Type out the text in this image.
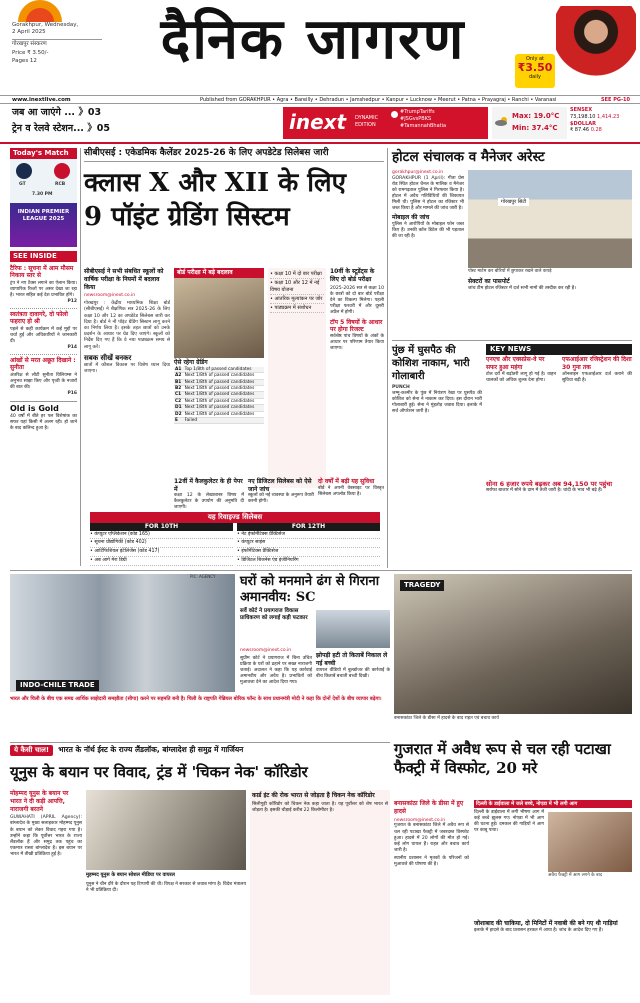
Gorakhpur, Wednesday,
2 April 2025
गोरखपुर संस्करण
Price ₹ 3.50/-
Pages 12	दैनिक जागरण	Only at
₹3.50
daily
www.inextlive.com	Published from GORAKHPUR • Agra • Bareilly • Dehradun • Jamshedpur • Kanpur • Lucknow • Meerut • Patna • Prayagraj • Ranchi • Varanasi	SEE PG-10
जब आ जाएंगे ... 》03
ट्रेन व रेलवे स्टेशन... 》05	inext DYNAMIC EDITION
#TrumpTariffs
#JSGvsPBKS
#TamannahBhatia
Max: 19.0°C
Min: 37.4°C
SENSEX
73,198.10 1,414.23
$DOLLAR
₹ 87.46 0.28
Today's Match
GT	RCB
7.30 PM
INDIAN PREMIER LEAGUE 2025
SEE INSIDE
टैरिफ : सूचना में आम मौसम निकाय स्तर से
ट्रंप ने नए टैक्स लगाने का ऐलान किया। व्यापारिक रिश्तों पर असर देखा जा रहा है। भारत सहित कई देश प्रभावित होंगे।
P12
स्वतंत्रता दावागरे, दो फोलो फहराए हो श्री
पहले से कही कार्यक्रम में कई मुद्दों पर चर्चा हुई और अधिकारियों ने जानकारी दी।
P14
आंखों से मरत अछूत दिखाने : सुनीता
अंतरिक्ष से लौटी सुनीता विलियम्स ने अनुभव साझा किए और पृथ्वी के नजारों की बात की।
P16
Old is Gold
40 वर्षों में बीते हर पल विशेषांक का सफर यहां किसी में अलग रही। हो जाने के बाद कलिन्द हुआ है।
सीबीएसई : एकेडमिक कैलेंडर 2025-26 के लिए अपडेटेड सिलेबस जारी
क्लास X और XII के लिए
9 पॉइंट ग्रेडिंग सिस्टम
सीबीएसई ने सभी संबधित स्कूलों को वार्षिक परीक्षा के नियमों में बदलाव किया
newsroom@inext.co.in
गोरखपुर : केंद्रीय माध्यमिक शिक्षा बोर्ड (सीबीएसई) ने शैक्षणिक सत्र 2025-26 के लिए कक्षा 10 और 12 का अपडेटेड सिलेबस जारी कर दिया है। बोर्ड ने नौ पॉइंट ग्रेडिंग सिस्टम लागू करने का निर्णय लिया है। इसके तहत छात्रों को उनके प्रदर्शन के आधार पर ग्रेड दिए जाएंगे। स्कूलों को निर्देश दिए गए हैं कि वे नया पाठ्यक्रम समय से लागू करें।
सबक सीखें बनकर
छात्रों में कौशल विकास पर विशेष ध्यान दिया जाएगा।
बोर्ड परीक्षा में बड़े बदलाव
ऐसे रहेगा ग्रेडिंग
A1	Top 1/8th of passed candidates
A2	Next 1/8th of passed candidates
B1	Next 1/8th of passed candidates
B2	Next 1/8th of passed candidates
C1	Next 1/8th of passed candidates
C2	Next 1/8th of passed candidates
D1	Next 1/8th of passed candidates
D2	Next 1/8th of passed candidates
E	Failed
• कक्षा 10 में दो बार परीक्षा
• कक्षा 10 और 12 में नई विषय योजना
• आंतरिक मूल्यांकन पर जोर
• पाठ्यक्रम में संशोधन
10वीं के स्टूडेंट्स के लिए दो बोर्ड परीक्षा
2025-2026 सत्र से कक्षा 10 के छात्रों को दो बार बोर्ड परीक्षा देने का विकल्प मिलेगा। पहली परीक्षा फरवरी में और दूसरी अप्रैल में होगी।
टॉप 5 विषयों के आधार पर होगा रिजल्ट
सर्वश्रेष्ठ पांच विषयों के अंकों के आधार पर परिणाम तैयार किया जाएगा।
12वीं में कैलकुलेटर के ही पेपर में
कक्षा 12 के लेखाशास्त्र विषय में कैलकुलेटर के उपयोग की अनुमति दी जाएगी।
नए डिजिटल सिलेबस को ऐसे जाने जांच
स्कूलों को नई व्यवस्था के अनुरूप तैयारी करनी होगी।
दो वर्षों में बढ़ी यह सुविधा
बोर्ड ने अपनी वेबसाइट पर विस्तृत सिलेबस अपलोड किया है।
यह रिवाइज्ड सिलेबस
FOR 10TH
• कंप्यूटर एप्लिकेशन (कोड 165)
• सूचना प्रौद्योगिकी (कोड 402)
• आर्टिफिशियल इंटेलिजेंस (कोड 417)
• अब आगे मेरा डिग्री
FOR 12TH
• नेट इंफोर्मेटिक्स प्रैक्टिसेज
• कंप्यूटर साइंस
• इंफॉर्मेटिक्स प्रैक्टिसेज
• डिजिटल बिजनेस एंड इंजीनियरिंग
होटल संचालक व मैनेजर अरेस्ट
gorakhpur@inext.co.in
GORAKHPUR (1 April): गीता प्रेस रोड स्थित होटल चैनल के मालिक व मैनेजर को रामगढ़ताल पुलिस ने गिरफ्तार किया है। होटल में अवैध गतिविधियों की शिकायत मिली थी। पुलिस ने होटल का रजिस्टर भी जब्त किया है और मामले की जांच जारी है।
मोबाइल की जांच
पुलिस ने आरोपियों के मोबाइल फोन जब्त किए हैं। उनकी कॉल डिटेल की भी पड़ताल की जा रही है।
गोरखपुर सिटी
पोस्ट मार्टम कर बोरियों में छुपाकर रखने वाले कपड़े
सेक्टरों का पासपोर्ट
जांच टीम होटल रजिस्टर में दर्ज सभी नामों की तस्दीक कर रही है।
पुंछ में घुसपैठ की कोशिश नाकाम, भारी गोलाबारी
PUNCH
जम्मू-कश्मीर के पुंछ में नियंत्रण रेखा पर घुसपैठ की कोशिश को सेना ने नाकाम कर दिया। इस दौरान भारी गोलाबारी हुई। सेना ने मुंहतोड़ जवाब दिया। इलाके में सर्च ऑपरेशन जारी है।
KEY NEWS
एनएच और एक्सप्रेस-वे पर सफर हुआ महंगा
टोल दरों में बढ़ोतरी लागू हो गई है। वाहन चालकों को अधिक शुल्क देना होगा।
एफआईआर रजिस्ट्रेशन की दिशा 30 गुना तक
ऑनलाइन एफआईआर दर्ज कराने की सुविधा बढ़ी है।
सोना 6 हजार रुपये बढ़कर अब 94,150 पर पहुंचा
सर्राफा बाजार में सोने के दाम में तेजी जारी है। चांदी के भाव भी बढ़े हैं।
INDO-CHILE TRADE
भारत और चिली के बीच एक समग्र आर्थिक साझेदारी समझौता (सीपा) करने पर सहमति बनी है। चिली के राष्ट्रपति गेब्रियल बोरिक फॉन्ट के साथ प्रधानमंत्री मोदी ने कहा कि दोनों देशों के बीच व्यापार बढ़ेगा।
PIC: AGENCY घरों को मनमाने ढंग से गिराना अमानवीय: SC
सर्वे कोर्ट ने प्रयागराज विकास प्राधिकरण को लगाई कड़ी फटकार
newsroom@inext.co.in
सुप्रीम कोर्ट ने प्रयागराज में बिना उचित प्रक्रिया के घरों को ढहाने पर सख्त नाराजगी जताई। अदालत ने कहा कि यह कार्रवाई अमानवीय और अवैध है। प्रभावितों को मुआवजा देने का आदेश दिया गया।
झोपड़ी हटी तो किताबें निकाल ले गई बच्ची
वायरल वीडियो में बुलडोजर की कार्रवाई के बीच किताबें बचाती बच्ची दिखी।
TRAGEDY
बनासकांठा जिले के डीसा में हादसे के बाद राहत एवं बचाव कार्य
गुजरात में अवैध रूप से चल रही पटाखा फैक्ट्री में विस्फोट, 20 मरे
ये कैसी चाल! भारत के नॉर्थ ईस्ट के राज्य लैंडलॉक, बांग्लादेश ही समुद्र में गार्जियन
यूनुस के बयान पर विवाद, ट्रंड में 'चिकन नेक' कॉरिडोर
मोहम्मद यूनुस के बयान पर भारत ने दी कड़ी आपत्ति, नाराजगी बरतने
GUWAHATI (APRIL Agency): बांग्लादेश के मुख्य सलाहकार मोहम्मद यूनुस के बयान को लेकर विवाद गहरा गया है। उन्होंने कहा कि पूर्वोत्तर भारत के राज्य लैंडलॉक हैं और समुद्र तक पहुंच का एकमात्र रास्ता बांग्लादेश है। इस बयान पर भारत में तीखी प्रतिक्रिया हुई है।
मुहम्मद यूनुस के बयान सोशल मीडिया पर वायरल
यूनुस ने चीन दौरे के दौरान यह टिप्पणी की थी। विपक्ष ने सरकार से जवाब मांगा है। विदेश मंत्रालय ने भी प्रतिक्रिया दी।
कार्ड इंट की रोक भारत से जोड़ता है चिकन नेक कॉरिडोर
सिलीगुड़ी कॉरिडोर को चिकन नेक कहा जाता है। यह पूर्वोत्तर को शेष भारत से जोड़ता है। इसकी चौड़ाई करीब 22 किलोमीटर है।
बनासकांठा जिले के डीसा में हुए हादसे
newsroom@inext.co.in
गुजरात के बनासकांठा जिले में अवैध रूप से चल रही पटाखा फैक्ट्री में जबरदस्त विस्फोट हुआ। हादसे में 20 लोगों की मौत हो गई। कई लोग घायल हैं। राहत और बचाव कार्य जारी है।
स्थानीय प्रशासन ने मृतकों के परिजनों को मुआवजे की घोषणा की है।
दिल्ली के डाईवाला में जले बच्चे, नोएडा में भी लगी आग
दिल्ली के डाईवाला में लगी भीषण आग में कई बच्चे झुलस गए। नोएडा में भी आग की घटना हुई। दमकल की गाड़ियों ने आग पर काबू पाया।
अवैध फैक्ट्री में आग लगने के बाद
जोशाबाद की चाकिया, दो मिनिटों में नवाबी की बने गए थी गाड़ियां
इलाके में हादसे के बाद प्रशासन हरकत में आया है। जांच के आदेश दिए गए हैं।
